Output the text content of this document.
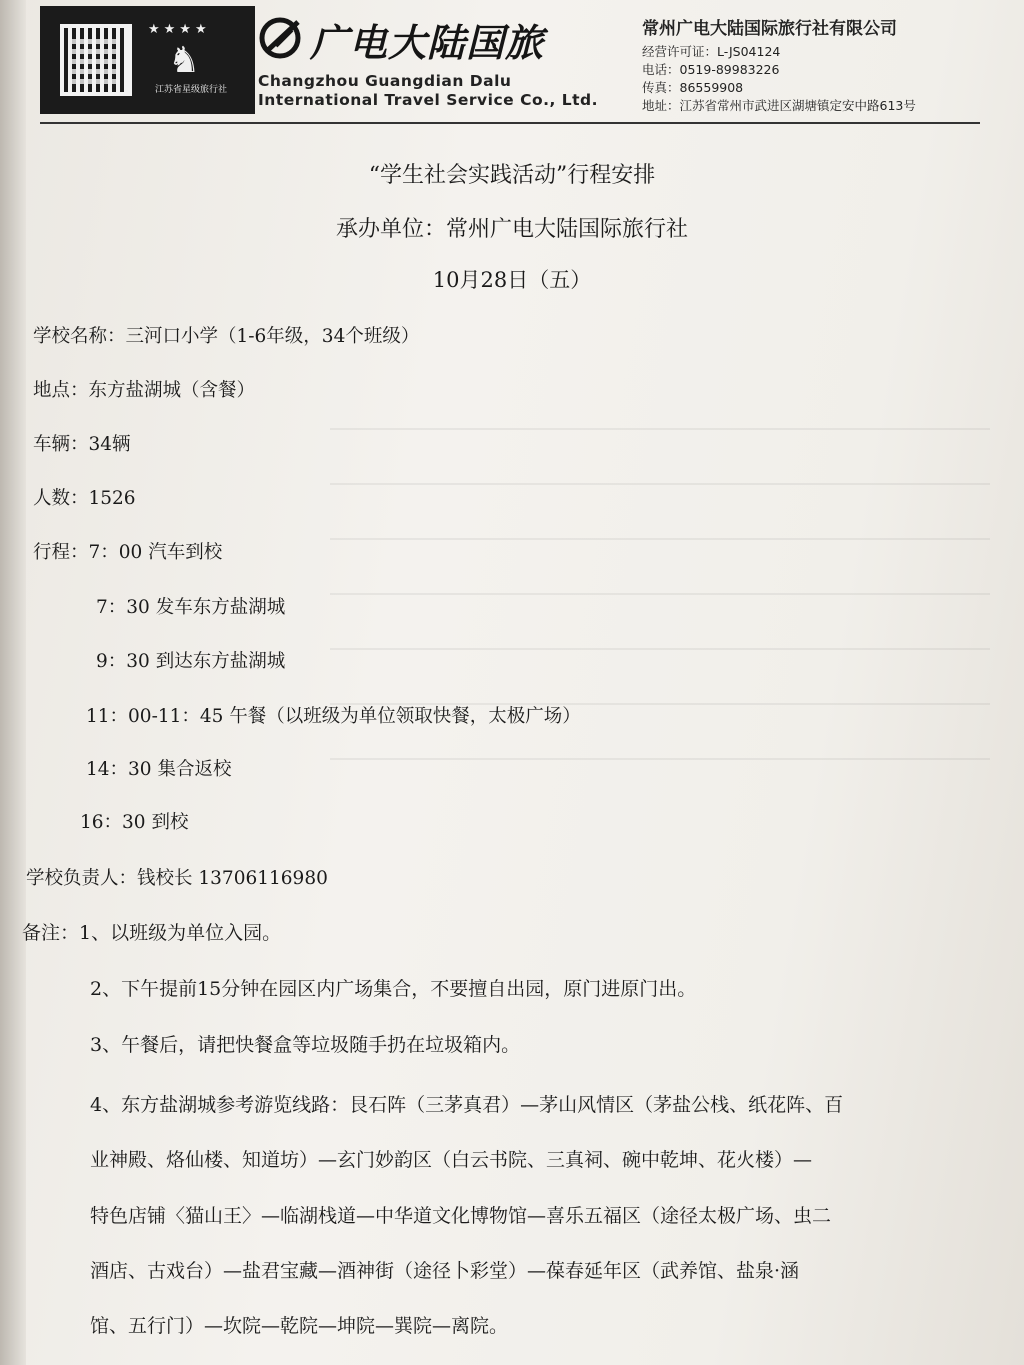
★★★★
♞
江苏省星级旅行社
广电大陆国旅
Changzhou Guangdian Dalu
International Travel Service Co., Ltd.
常州广电大陆国际旅行社有限公司
经营许可证：L-JS04124
电话：0519-89983226
传真：86559908
地址：江苏省常州市武进区湖塘镇定安中路613号
“学生社会实践活动”行程安排
承办单位：常州广电大陆国际旅行社
10月28日（五）
学校名称：三河口小学（1-6年级，34个班级）
地点：东方盐湖城（含餐）
车辆：34辆
人数：1526
行程：7：00 汽车到校
7：30 发车东方盐湖城
9：30 到达东方盐湖城
11：00-11：45 午餐（以班级为单位领取快餐，太极广场）
14：30 集合返校
16：30 到校
学校负责人：钱校长 13706116980
备注：1、以班级为单位入园。
2、下午提前15分钟在园区内广场集合，不要擅自出园，原门进原门出。
3、午餐后，请把快餐盒等垃圾随手扔在垃圾箱内。
4、东方盐湖城参考游览线路：艮石阵（三茅真君）—茅山风情区（茅盐公栈、纸花阵、百
业神殿、烙仙楼、知道坊）—玄门妙韵区（白云书院、三真祠、碗中乾坤、花火楼）—
特色店铺〈猫山王〉—临湖栈道—中华道文化博物馆—喜乐五福区（途径太极广场、虫二
酒店、古戏台）—盐君宝藏—酒神街（途径卜彩堂）—葆春延年区（武养馆、盐泉·涵
馆、五行门）—坎院—乾院—坤院—巽院—离院。
